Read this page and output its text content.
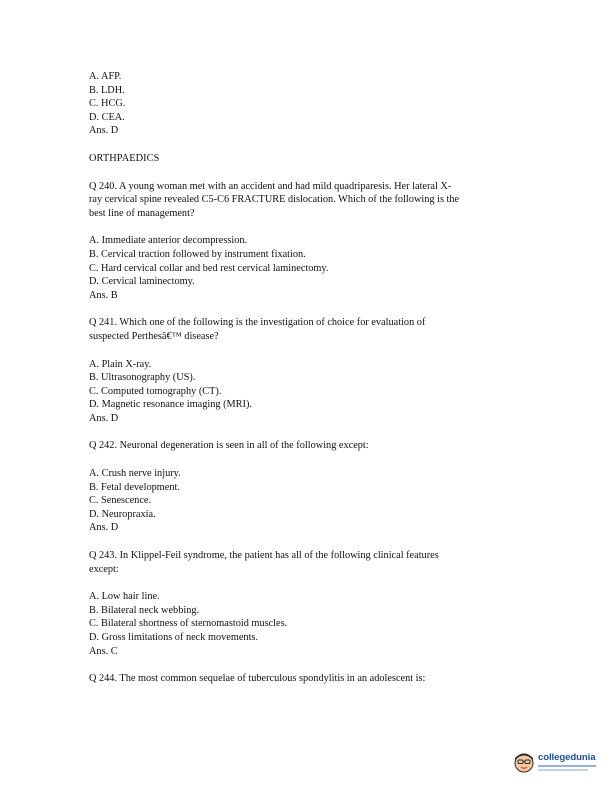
A. AFP.

B. LDH.

C. HCG.

D. CEA.

Ans. D

ORTHPAEDICS

Q 240. A young woman met with an accident and had mild quadriparesis. Her lateral X-

ray cervical spine revealed C5-C6 FRACTURE dislocation. Which of the following is the

best line of management?

A. Immediate anterior decompression.

B. Cervical traction followed by instrument fixation.

C. Hard cervical collar and bed rest cervical laminectomy.

D. Cervical laminectomy.

Ans. B

Q 241. Which one of the following is the investigation of choice for evaluation of

suspected Perthesâ€™ disease?

A. Plain X-ray.

B. Ultrasonography (US).

C. Computed tomography (CT).

D. Magnetic resonance imaging (MRI).

Ans. D

Q 242. Neuronal degeneration is seen in all of the following except:

A. Crush nerve injury.

B. Fetal development.

C. Senescence.

D. Neuropraxia.

Ans. D

Q 243. In Klippel-Feil syndrome, the patient has all of the following clinical features

except:

A. Low hair line.

B. Bilateral neck webbing.

C. Bilateral shortness of sternomastoid muscles.

D. Gross limitations of neck movements.

Ans. C

Q 244. The most common sequelae of tuberculous spondylitis in an adolescent is:

collegedunia
